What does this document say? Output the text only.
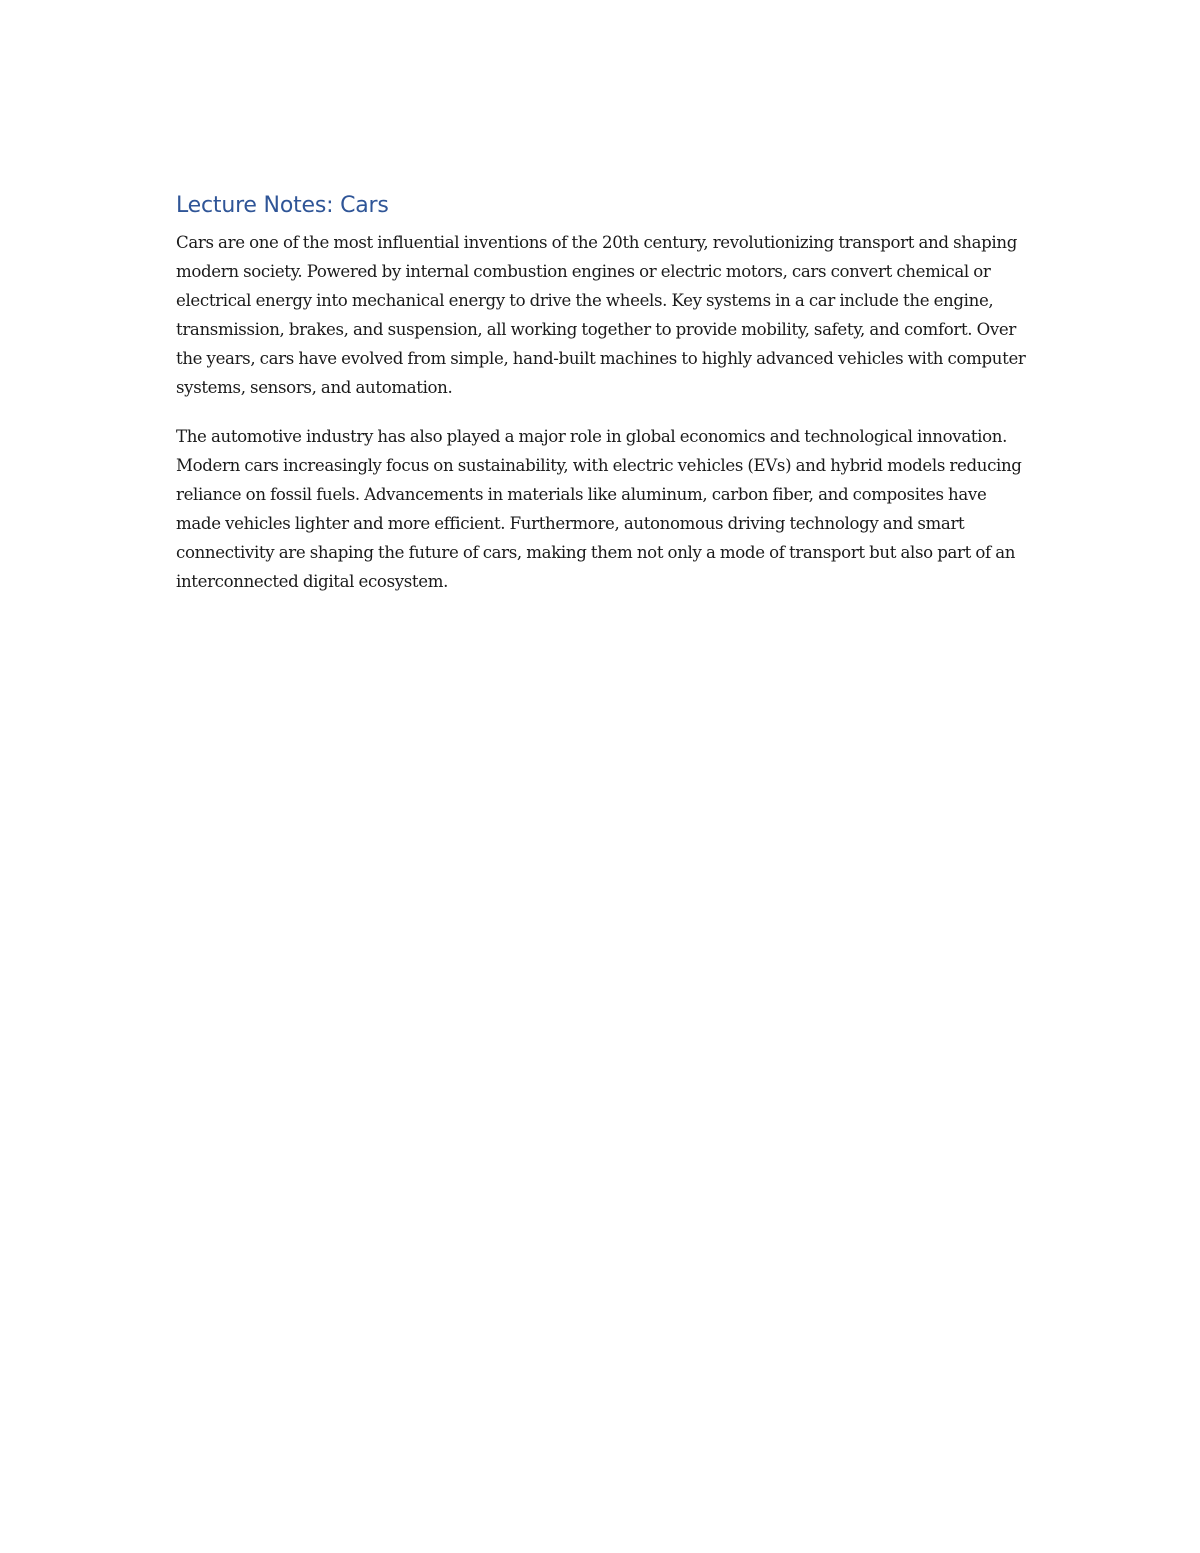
Lecture Notes: Cars

Cars are one of the most influential inventions of the 20th century, revolutionizing transport and shaping modern society. Powered by internal combustion engines or electric motors, cars convert chemical or electrical energy into mechanical energy to drive the wheels. Key systems in a car include the engine, transmission, brakes, and suspension, all working together to provide mobility, safety, and comfort. Over the years, cars have evolved from simple, hand-built machines to highly advanced vehicles with computer systems, sensors, and automation.

The automotive industry has also played a major role in global economics and technological innovation. Modern cars increasingly focus on sustainability, with electric vehicles (EVs) and hybrid models reducing reliance on fossil fuels. Advancements in materials like aluminum, carbon fiber, and composites have made vehicles lighter and more efficient. Furthermore, autonomous driving technology and smart connectivity are shaping the future of cars, making them not only a mode of transport but also part of an interconnected digital ecosystem.
